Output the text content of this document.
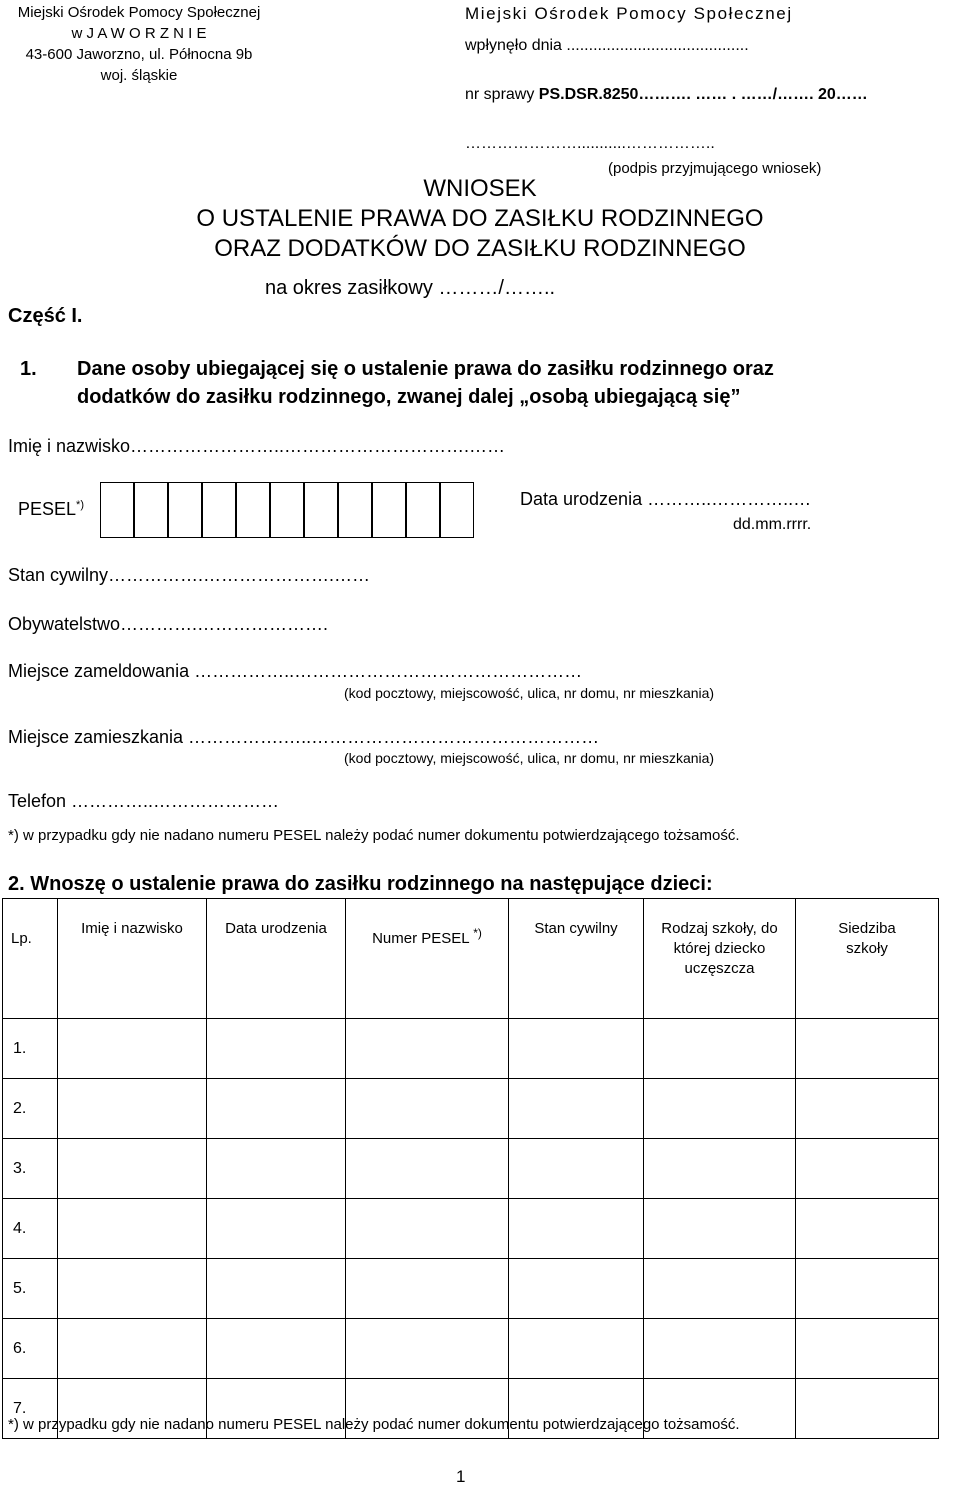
Miejski Ośrodek Pomocy Społecznej
w J A W O R Z N I E
43-600 Jaworzno, ul. Północna 9b
woj. śląskie
Miejski Ośrodek Pomocy Społecznej
wpłynęło dnia .........................................
nr sprawy PS.DSR.8250………. …… . ……/……. 20……
…………………...........……………..
(podpis przyjmującego wniosek)
WNIOSEK
O USTALENIE PRAWA DO ZASIŁKU RODZINNEGO
ORAZ DODATKÓW DO ZASIŁKU RODZINNEGO
na okres zasiłkowy ………/……..
Część I.
1. Dane osoby ubiegającej się o ustalenie prawa do zasiłku rodzinnego oraz
dodatków do zasiłku rodzinnego, zwanej dalej „osobą ubiegającą się”
Imię i nazwisko……………………..………………………….……
PESEL*)	Data urodzenia ………..…………..…
dd.mm.rrrr.
Stan cywilny…………….………………….……
Obywatelstwo………….………………….
Miejsce zameldowania ……………..…………………………………………
(kod pocztowy, miejscowość, ulica, nr domu, nr mieszkania)
Miejsce zamieszkania …………….…..…………………………………………
(kod pocztowy, miejscowość, ulica, nr domu, nr mieszkania)
Telefon …………..…………………
*) w przypadku gdy nie nadano numeru PESEL należy podać numer dokumentu potwierdzającego tożsamość.
2. Wnoszę o ustalenie prawa do zasiłku rodzinnego na następujące dzieci:
Lp.	Imię i nazwisko	Data urodzenia	Numer PESEL *)	Stan cywilny	Rodzaj szkoły, do której dziecko uczęszcza	Siedziba szkoły
1.						
2.						
3.						
4.						
5.						
6.						
7.						
*) w przypadku gdy nie nadano numeru PESEL należy podać numer dokumentu potwierdzającego tożsamość.
1
